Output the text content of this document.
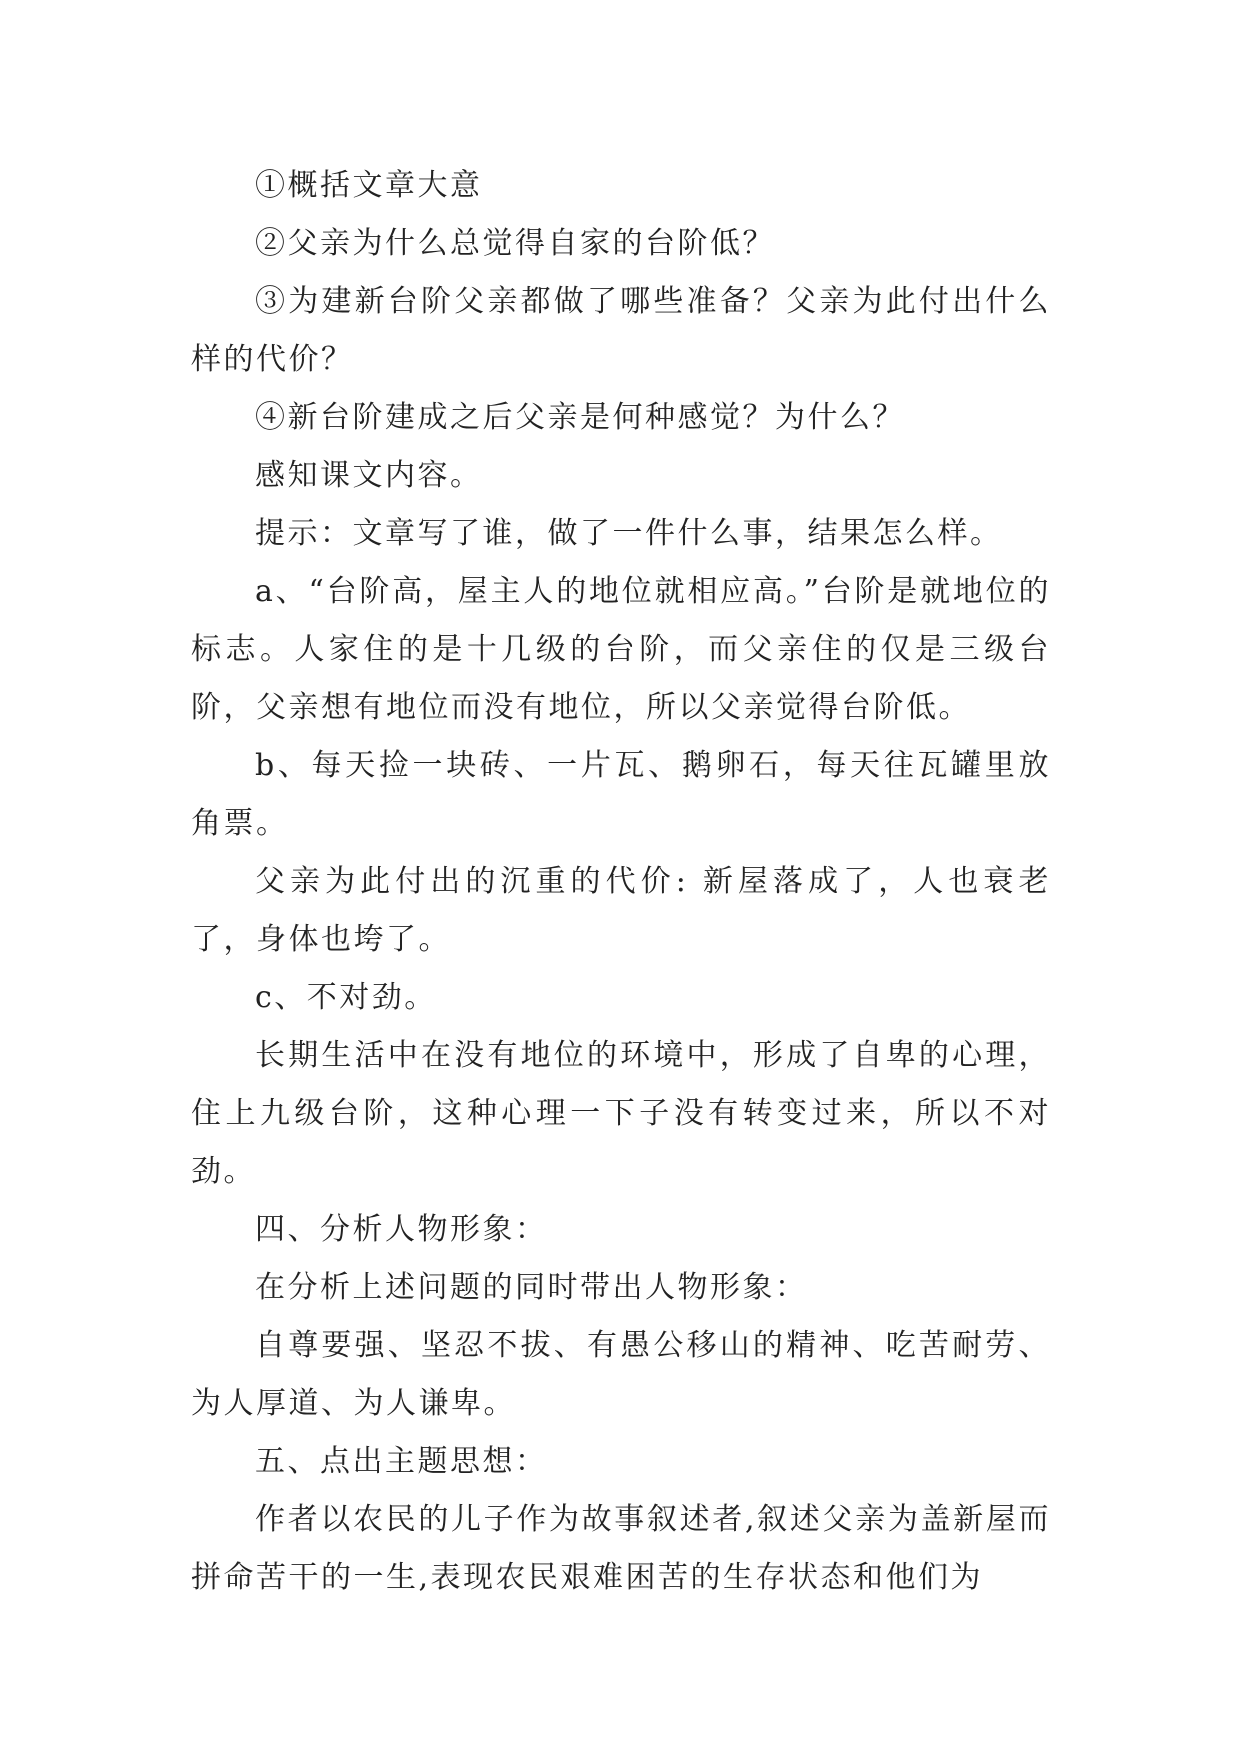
①概括文章大意

②父亲为什么总觉得自家的台阶低？

③为建新台阶父亲都做了哪些准备？父亲为此付出什么样的代价？

④新台阶建成之后父亲是何种感觉？为什么？

感知课文内容。

提示：文章写了谁，做了一件什么事，结果怎么样。

a、“台阶高，屋主人的地位就相应高。”台阶是就地位的标志。人家住的是十几级的台阶，而父亲住的仅是三级台阶，父亲想有地位而没有地位，所以父亲觉得台阶低。

b、每天捡一块砖、一片瓦、鹅卵石，每天往瓦罐里放角票。

父亲为此付出的沉重的代价: 新屋落成了，人也衰老了，身体也垮了。

c、不对劲。

长期生活中在没有地位的环境中，形成了自卑的心理，住上九级台阶，这种心理一下子没有转变过来，所以不对劲。

四、分析人物形象：

在分析上述问题的同时带出人物形象：

自尊要强、坚忍不拔、有愚公移山的精神、吃苦耐劳、为人厚道、为人谦卑。

五、点出主题思想：

作者以农民的儿子作为故事叙述者,叙述父亲为盖新屋而拼命苦干的一生,表现农民艰难困苦的生存状态和他们为
